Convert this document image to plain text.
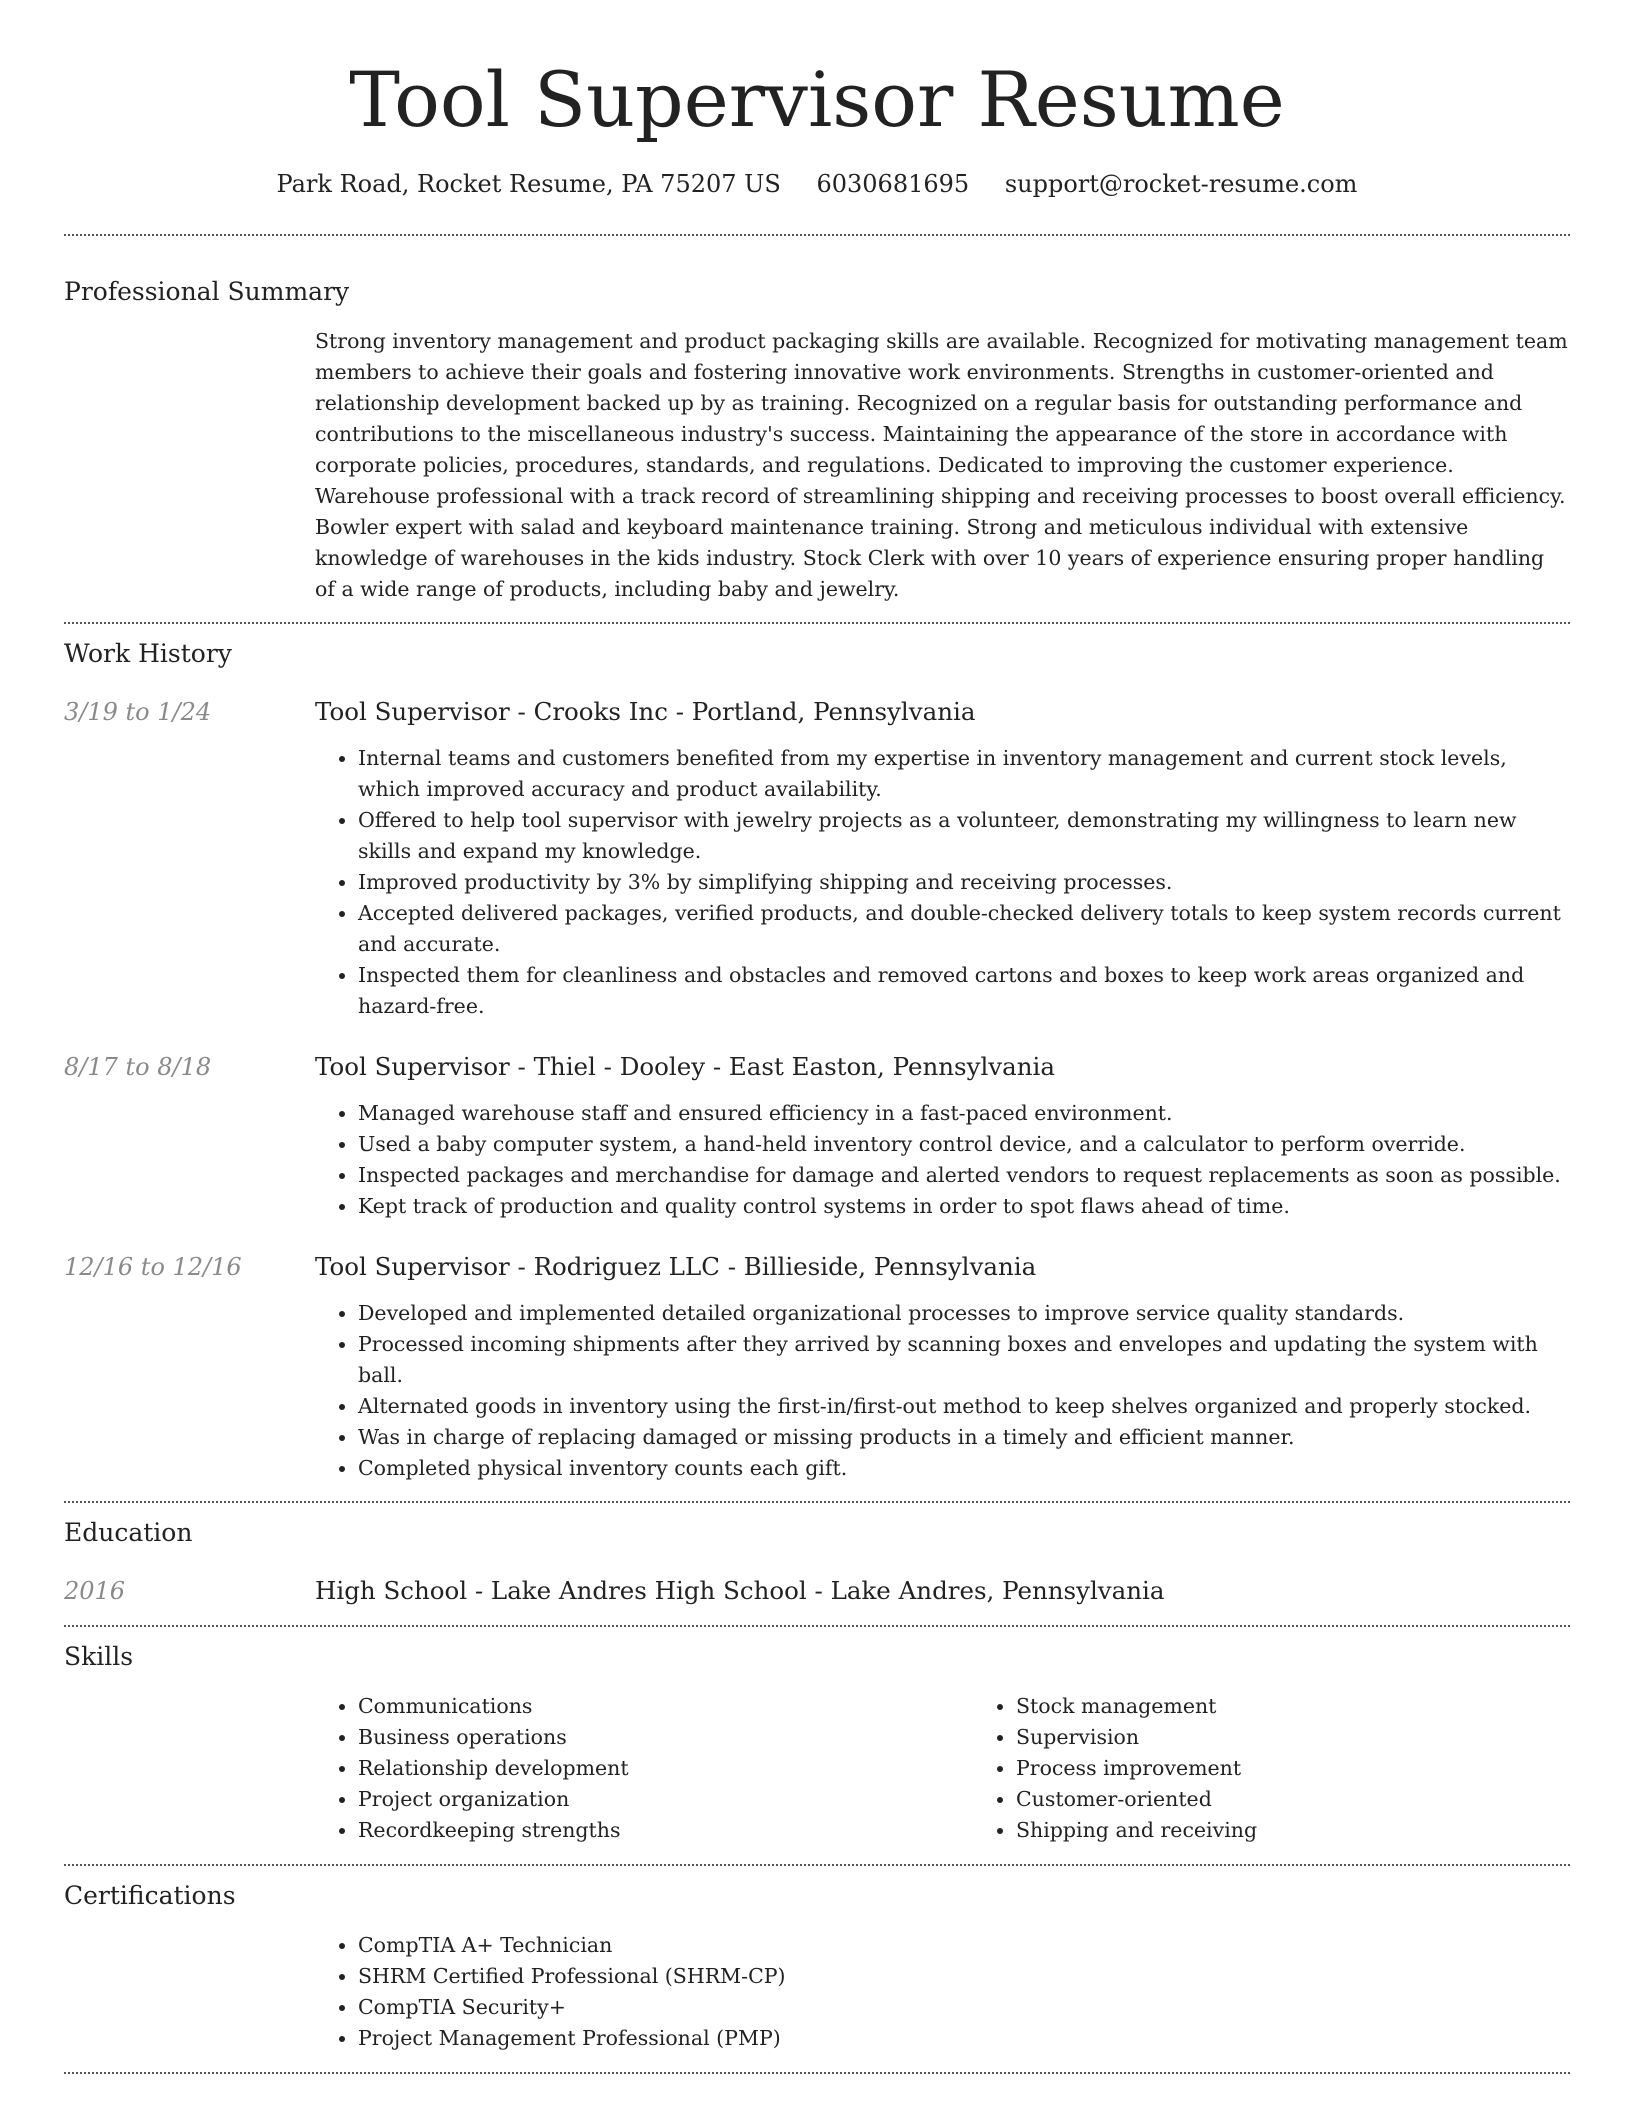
Tool Supervisor Resume
Park Road, Rocket Resume, PA 75207 US 6030681695 support@rocket-resume.com
Professional Summary

Strong inventory management and product packaging skills are available. Recognized for motivating management team members to achieve their goals and fostering innovative work environments. Strengths in customer-oriented and relationship development backed up by as training. Recognized on a regular basis for outstanding performance and contributions to the miscellaneous industry's success. Maintaining the appearance of the store in accordance with corporate policies, procedures, standards, and regulations. Dedicated to improving the customer experience. Warehouse professional with a track record of streamlining shipping and receiving processes to boost overall efficiency. Bowler expert with salad and keyboard maintenance training. Strong and meticulous individual with extensive knowledge of warehouses in the kids industry. Stock Clerk with over 10 years of experience ensuring proper handling of a wide range of products, including baby and jewelry.

Work History
3/19 to 1/24	Tool Supervisor - Crooks Inc - Portland, Pennsylvania
• Internal teams and customers benefited from my expertise in inventory management and current stock levels, which improved accuracy and product availability.
• Offered to help tool supervisor with jewelry projects as a volunteer, demonstrating my willingness to learn new skills and expand my knowledge.
• Improved productivity by 3% by simplifying shipping and receiving processes.
• Accepted delivered packages, verified products, and double-checked delivery totals to keep system records current and accurate.
• Inspected them for cleanliness and obstacles and removed cartons and boxes to keep work areas organized and hazard-free.
8/17 to 8/18	Tool Supervisor - Thiel - Dooley - East Easton, Pennsylvania
• Managed warehouse staff and ensured efficiency in a fast-paced environment.
• Used a baby computer system, a hand-held inventory control device, and a calculator to perform override.
• Inspected packages and merchandise for damage and alerted vendors to request replacements as soon as possible.
• Kept track of production and quality control systems in order to spot flaws ahead of time.
12/16 to 12/16	Tool Supervisor - Rodriguez LLC - Billieside, Pennsylvania
• Developed and implemented detailed organizational processes to improve service quality standards.
• Processed incoming shipments after they arrived by scanning boxes and envelopes and updating the system with ball.
• Alternated goods in inventory using the first-in/first-out method to keep shelves organized and properly stocked.
• Was in charge of replacing damaged or missing products in a timely and efficient manner.
• Completed physical inventory counts each gift.
Education
2016	High School - Lake Andres High School - Lake Andres, Pennsylvania
Skills
• Communications
• Business operations
• Relationship development
• Project organization
• Recordkeeping strengths
• Stock management
• Supervision
• Process improvement
• Customer-oriented
• Shipping and receiving
Certifications
• CompTIA A+ Technician
• SHRM Certified Professional (SHRM-CP)
• CompTIA Security+
• Project Management Professional (PMP)
